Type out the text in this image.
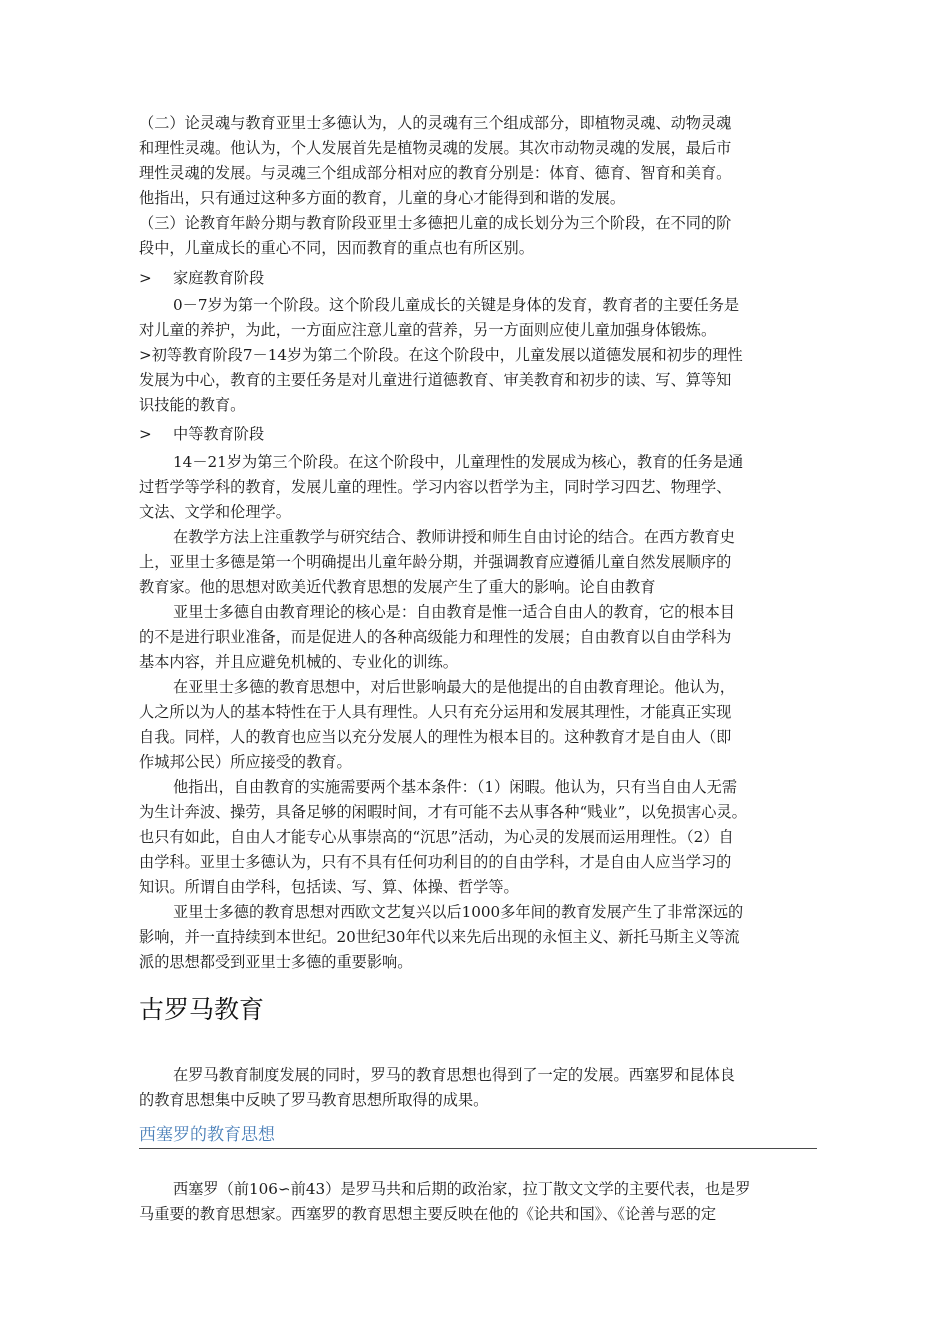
（二）论灵魂与教育亚里士多德认为，人的灵魂有三个组成部分，即植物灵魂、动物灵魂
和理性灵魂。他认为，个人发展首先是植物灵魂的发展。其次市动物灵魂的发展，最后市
理性灵魂的发展。与灵魂三个组成部分相对应的教育分别是：体育、德育、智育和美育。
他指出，只有通过这种多方面的教育，儿童的身心才能得到和谐的发展。
（三）论教育年龄分期与教育阶段亚里士多德把儿童的成长划分为三个阶段，在不同的阶
段中，儿童成长的重心不同，因而教育的重点也有所区别。
> 家庭教育阶段
0－7岁为第一个阶段。这个阶段儿童成长的关键是身体的发育，教育者的主要任务是
对儿童的养护，为此，一方面应注意儿童的营养，另一方面则应使儿童加强身体锻炼。
>初等教育阶段7－14岁为第二个阶段。在这个阶段中，儿童发展以道德发展和初步的理性
发展为中心，教育的主要任务是对儿童进行道德教育、审美教育和初步的读、写、算等知
识技能的教育。
> 中等教育阶段
14－21岁为第三个阶段。在这个阶段中，儿童理性的发展成为核心，教育的任务是通
过哲学等学科的教育，发展儿童的理性。学习内容以哲学为主，同时学习四艺、物理学、
文法、文学和伦理学。
在教学方法上注重教学与研究结合、教师讲授和师生自由讨论的结合。在西方教育史
上，亚里士多德是第一个明确提出儿童年龄分期，并强调教育应遵循儿童自然发展顺序的
教育家。他的思想对欧美近代教育思想的发展产生了重大的影响。论自由教育
亚里士多德自由教育理论的核心是：自由教育是惟一适合自由人的教育，它的根本目
的不是进行职业准备，而是促进人的各种高级能力和理性的发展；自由教育以自由学科为
基本内容，并且应避免机械的、专业化的训练。
在亚里士多德的教育思想中，对后世影响最大的是他提出的自由教育理论。他认为，
人之所以为人的基本特性在于人具有理性。人只有充分运用和发展其理性，才能真正实现
自我。同样，人的教育也应当以充分发展人的理性为根本目的。这种教育才是自由人（即
作城邦公民）所应接受的教育。
他指出，自由教育的实施需要两个基本条件：（1）闲暇。他认为，只有当自由人无需
为生计奔波、操劳，具备足够的闲暇时间，才有可能不去从事各种“贱业”，以免损害心灵。
也只有如此，自由人才能专心从事崇高的“沉思”活动，为心灵的发展而运用理性。（2）自
由学科。亚里士多德认为，只有不具有任何功利目的的自由学科，才是自由人应当学习的
知识。所谓自由学科，包括读、写、算、体操、哲学等。
亚里士多德的教育思想对西欧文艺复兴以后1000多年间的教育发展产生了非常深远的
影响，并一直持续到本世纪。20世纪30年代以来先后出现的永恒主义、新托马斯主义等流
派的思想都受到亚里士多德的重要影响。
古罗马教育
在罗马教育制度发展的同时，罗马的教育思想也得到了一定的发展。西塞罗和昆体良
的教育思想集中反映了罗马教育思想所取得的成果。
西塞罗的教育思想
西塞罗（前106∽前43）是罗马共和后期的政治家，拉丁散文文学的主要代表，也是罗
马重要的教育思想家。西塞罗的教育思想主要反映在他的《论共和国》、《论善与恶的定
